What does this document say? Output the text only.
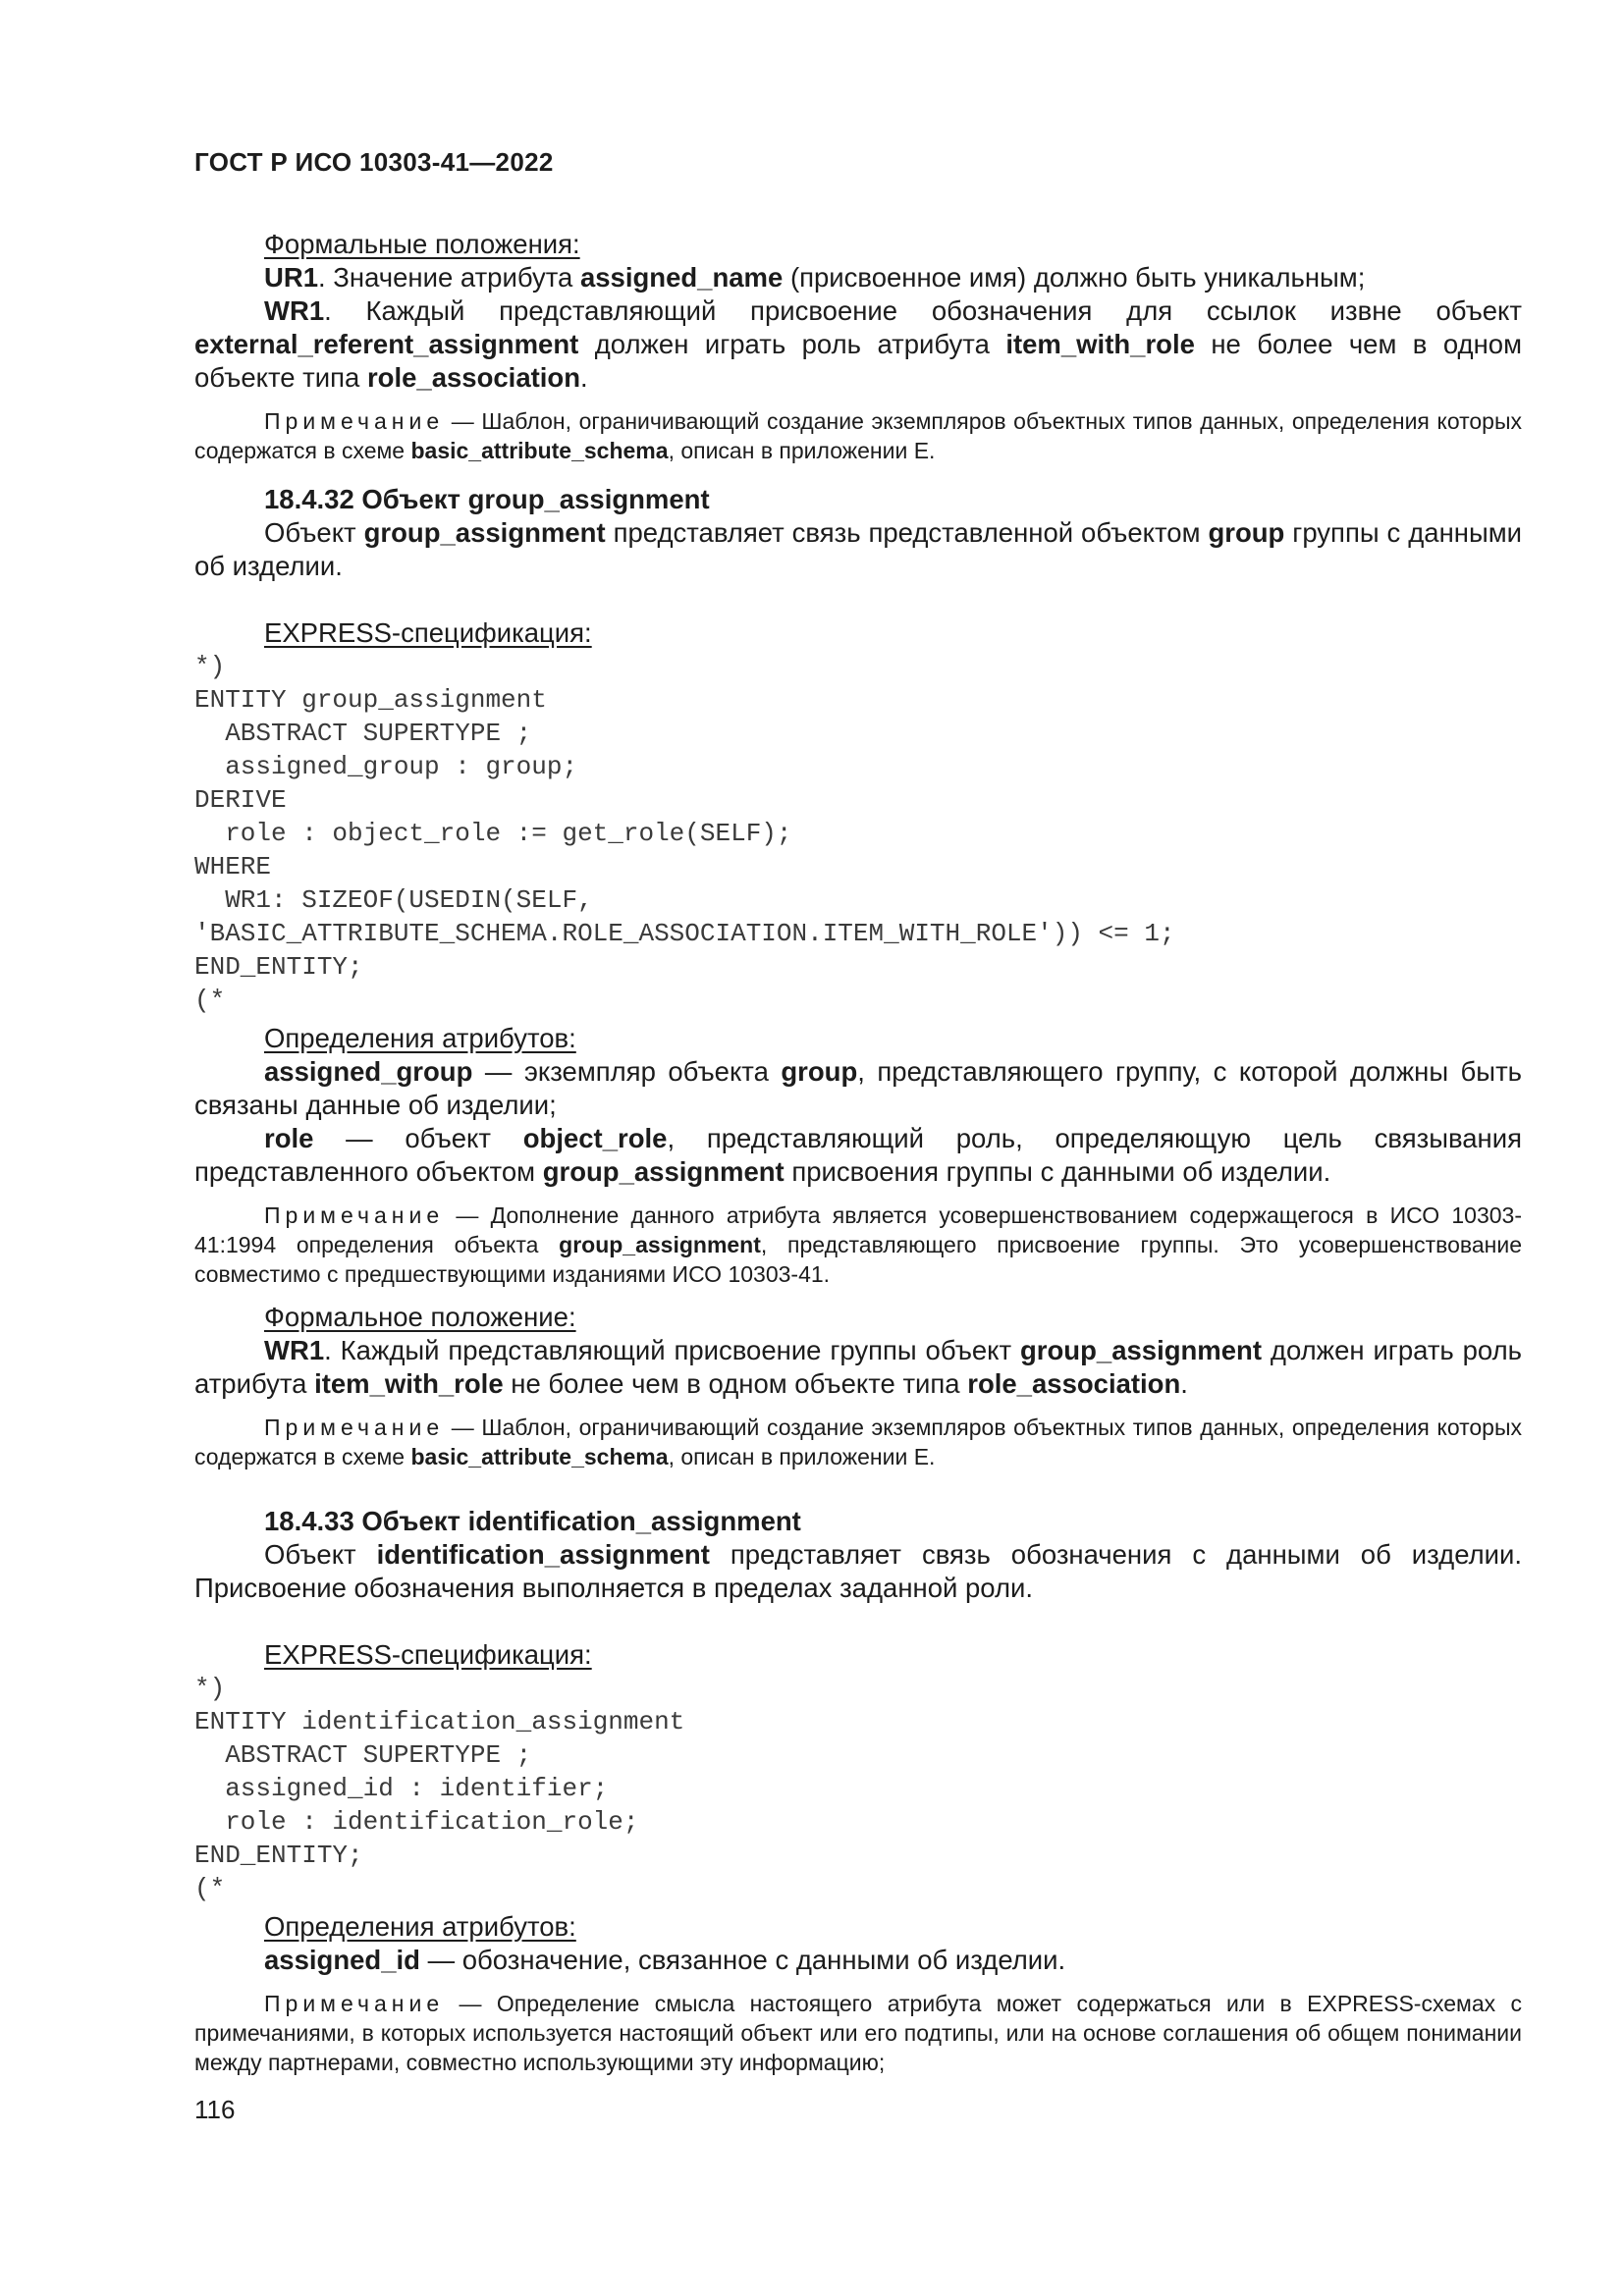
ГОСТ Р ИСО 10303-41—2022

Формальные положения:

UR1. Значение атрибута assigned_name (присвоенное имя) должно быть уникальным;

WR1. Каждый представляющий присвоение обозначения для ссылок извне объект external_referent_assignment должен играть роль атрибута item_with_role не более чем в одном объекте типа role_association.

Примечание — Шаблон, ограничивающий создание экземпляров объектных типов данных, определения которых содержатся в схеме basic_attribute_schema, описан в приложении Е.

18.4.32 Объект group_assignment

Объект group_assignment представляет связь представленной объектом group группы с данными об изделии.

EXPRESS-спецификация:

*)
ENTITY group_assignment
ABSTRACT SUPERTYPE ;
assigned_group : group;
DERIVE
role : object_role := get_role(SELF);
WHERE
WR1: SIZEOF(USEDIN(SELF,
'BASIC_ATTRIBUTE_SCHEMA.ROLE_ASSOCIATION.ITEM_WITH_ROLE')) <= 1;
END_ENTITY;
(*

Определения атрибутов:

assigned_group — экземпляр объекта group, представляющего группу, с которой должны быть связаны данные об изделии;

role — объект object_role, представляющий роль, определяющую цель связывания представленного объектом group_assignment присвоения группы с данными об изделии.

Примечание — Дополнение данного атрибута является усовершенствованием содержащегося в ИСО 10303-41:1994 определения объекта group_assignment, представляющего присвоение группы. Это усовершенствование совместимо с предшествующими изданиями ИСО 10303-41.

Формальное положение:

WR1. Каждый представляющий присвоение группы объект group_assignment должен играть роль атрибута item_with_role не более чем в одном объекте типа role_association.

Примечание — Шаблон, ограничивающий создание экземпляров объектных типов данных, определения которых содержатся в схеме basic_attribute_schema, описан в приложении Е.

18.4.33 Объект identification_assignment

Объект identification_assignment представляет связь обозначения с данными об изделии. Присвоение обозначения выполняется в пределах заданной роли.

EXPRESS-спецификация:

*)
ENTITY identification_assignment
ABSTRACT SUPERTYPE ;
assigned_id : identifier;
role : identification_role;
END_ENTITY;
(*

Определения атрибутов:

assigned_id — обозначение, связанное с данными об изделии.

Примечание — Определение смысла настоящего атрибута может содержаться или в EXPRESS-схемах с примечаниями, в которых используется настоящий объект или его подтипы, или на основе соглашения об общем понимании между партнерами, совместно использующими эту информацию;

116
